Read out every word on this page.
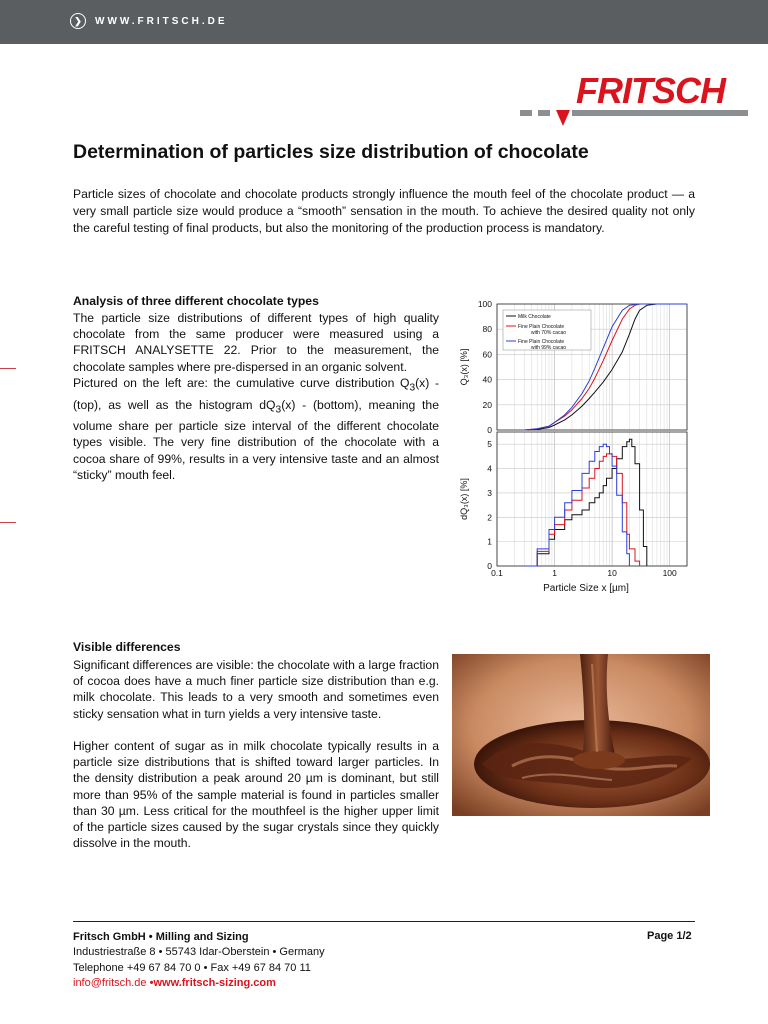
❯	WWW.FRITSCH.DE
FRITSCH
Determination of particles size distribution of chocolate

Particle sizes of chocolate and chocolate products strongly influence the mouth feel of the chocolate product — a very small particle size would produce a “smooth” sensation in the mouth. To achieve the desired quality not only the careful testing of final products, but also the monitoring of the production process is mandatory.

Analysis of three different chocolate types

The particle size distributions of different types of high quality chocolate from the same producer were measured using a FRITSCH ANALYSETTE 22. Prior to the measurement, the chocolate samples where pre-dispersed in an organic solvent.

Pictured on the left are: the cumulative curve distribution $Q_3(x) - (top)$, as well as the histogram $dQ_3(x)$ - (bottom), meaning the volume share per particle size interval of the different chocolate types visible. The very fine distribution of the chocolate with a cocoa share of 99%, results in a very intensive taste and an almost “sticky” mouth feel.

0
20
40
60
80
100
Q₃(x) [%]
Milk Chocolate
Fine Plain Chocolate with 70% cacao
Fine Plain Chocolate with 99% cacao
0
1
2
3
4
5
dQ₃(x) [%]
0.1	1	10	100
Particle Size x [µm]

Visible differences

Significant differences are visible: the chocolate with a large fraction of cocoa does have a much finer particle size distribution than e.g. milk chocolate. This leads to a very smooth and sometimes even sticky sensation what in turn yields a very intensive taste.

Higher content of sugar as in milk chocolate typically results in a particle size distributions that is shifted toward larger particles. In the density distribution a peak around 20 µm is dominant, but still more than 95% of the sample material is found in particles smaller than 30 µm. Less critical for the mouthfeel is the higher upper limit of the particle sizes caused by the sugar crystals since they quickly dissolve in the mouth.

Fritsch GmbH • Milling and Sizing
Industriestraße 8 • 55743 Idar-Oberstein • Germany
Telephone +49 67 84 70 0 • Fax +49 67 84 70 11
info@fritsch.de •www.fritsch-sizing.com
Page 1/2
